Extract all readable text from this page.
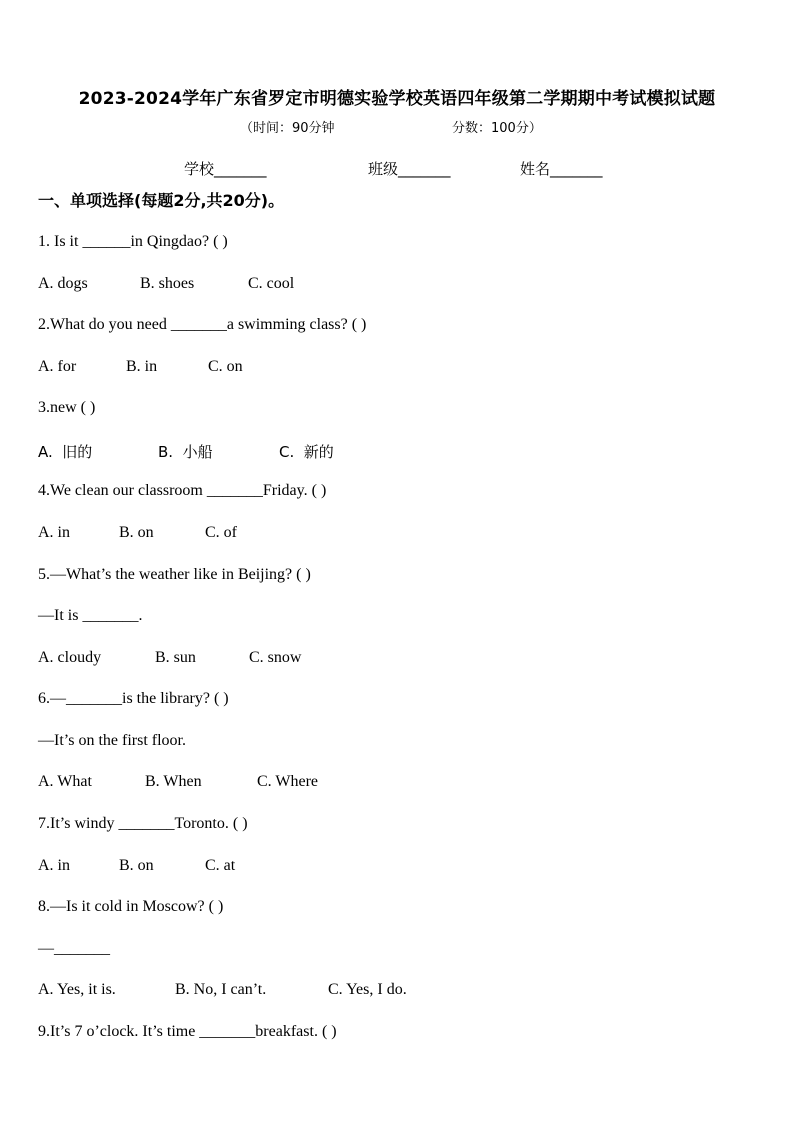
2023-2024学年广东省罗定市明德实验学校英语四年级第二学期期中考试模拟试题
（时间：90分钟	分数：100分）
学校_______	班级_______	姓名_______
一、单项选择(每题2分,共20分)。
1. Is it ______in Qingdao? ( )
A. dogs	B. shoes	C. cool
2.What do you need _______a swimming class? ( )
A. for	B. in	C. on
3.new ( )
A.  旧的	B.  小船	C.  新的
4.We clean our classroom _______Friday. ( )
A. in	B. on	C. of
5.—What’s the weather like in Beijing? ( )
—It is _______.
A. cloudy	B. sun	C. snow
6.—_______is the library? ( )
—It’s on the first floor.
A. What	B. When	C. Where
7.It’s windy _______Toronto. ( )
A. in	B. on	C. at
8.—Is it cold in Moscow? ( )
—_______
A. Yes, it is.	B. No, I can’t.	C. Yes, I do.
9.It’s 7 o’clock. It’s time _______breakfast. ( )
